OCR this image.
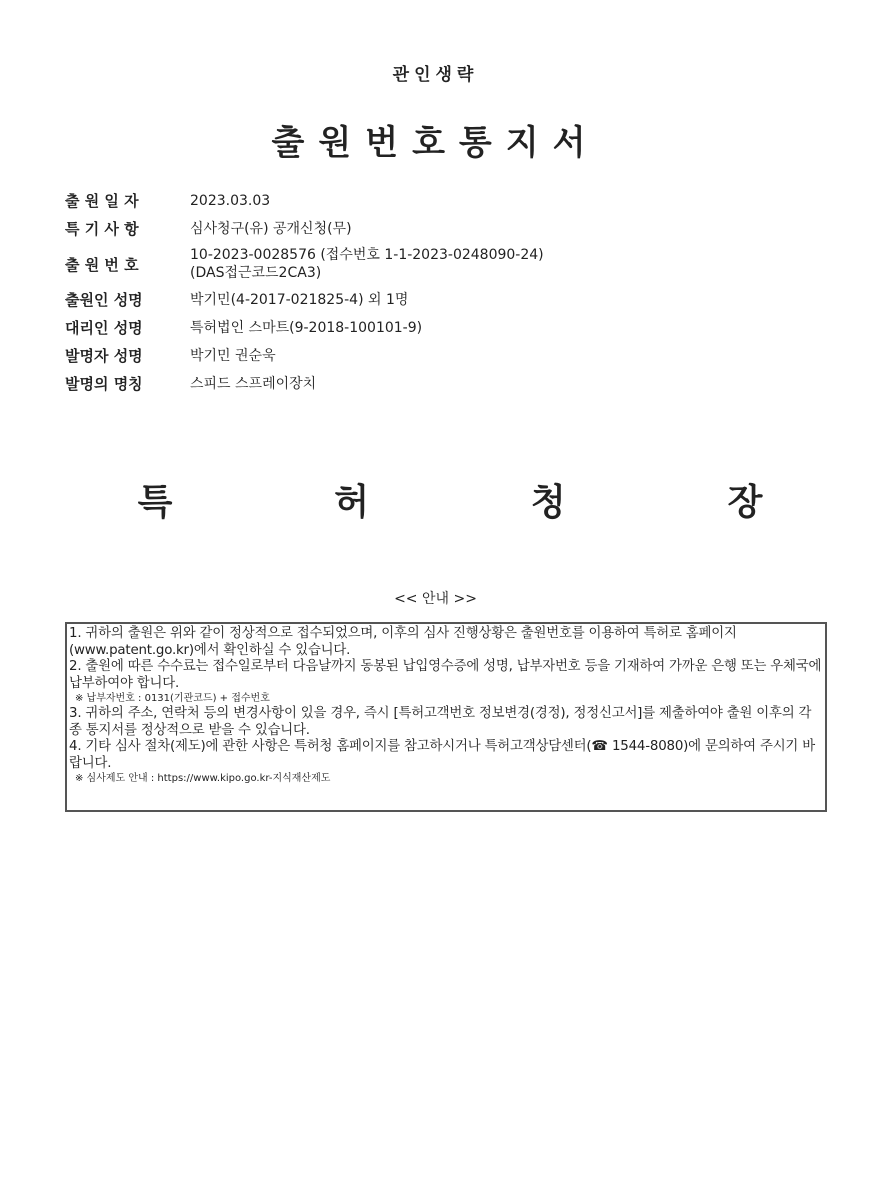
관인생략
출원번호통지서
출 원 일 자	2023.03.03
특 기 사 항	심사청구(유) 공개신청(무)
출 원 번 호
10-2023-0028576 (접수번호 1-1-2023-0248090-24)
(DAS접근코드2CA3)
출원인 성명	박기민(4-2017-021825-4) 외 1명
대리인 성명	특허법인 스마트(9-2018-100101-9)
발명자 성명	박기민 권순욱
발명의 명칭	스피드 스프레이장치
특	허	청	장
<< 안내 >>
1. 귀하의 출원은 위와 같이 정상적으로 접수되었으며, 이후의 심사 진행상황은 출원번호를 이용하여 특허로 홈페이지(www.patent.go.kr)에서 확인하실 수 있습니다.
2. 출원에 따른 수수료는 접수일로부터 다음날까지 동봉된 납입영수증에 성명, 납부자번호 등을 기재하여 가까운 은행 또는 우체국에 납부하여야 합니다.
※ 납부자번호 : 0131(기관코드) + 접수번호
3. 귀하의 주소, 연락처 등의 변경사항이 있을 경우, 즉시 [특허고객번호 정보변경(경정), 정정신고서]를 제출하여야 출원 이후의 각종 통지서를 정상적으로 받을 수 있습니다.
4. 기타 심사 절차(제도)에 관한 사항은 특허청 홈페이지를 참고하시거나 특허고객상담센터(☎ 1544-8080)에 문의하여 주시기 바랍니다.
※ 심사제도 안내 : https://www.kipo.go.kr-지식재산제도
